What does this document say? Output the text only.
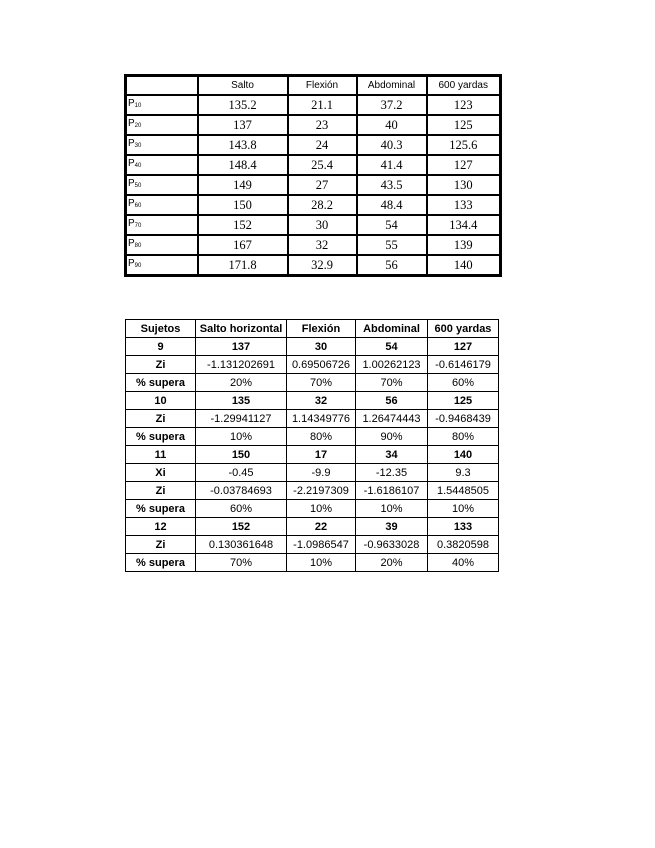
	Salto	Flexión	Abdominal	600 yardas
P10	135.2	21.1	37.2	123
P20	137	23	40	125
P30	143.8	24	40.3	125.6
P40	148.4	25.4	41.4	127
P50	149	27	43.5	130
P60	150	28.2	48.4	133
P70	152	30	54	134.4
P80	167	32	55	139
P90	171.8	32.9	56	140
Sujetos	Salto horizontal	Flexión	Abdominal	600 yardas
9	137	30	54	127
Zi	-1.131202691	0.69506726	1.00262123	-0.6146179
% supera	20%	70%	70%	60%
10	135	32	56	125
Zi	-1.29941127	1.14349776	1.26474443	-0.9468439
% supera	10%	80%	90%	80%
11	150	17	34	140
Xi	-0.45	-9.9	-12.35	9.3
Zi	-0.03784693	-2.2197309	-1.6186107	1.5448505
% supera	60%	10%	10%	10%
12	152	22	39	133
Zi	0.130361648	-1.0986547	-0.9633028	0.3820598
% supera	70%	10%	20%	40%
